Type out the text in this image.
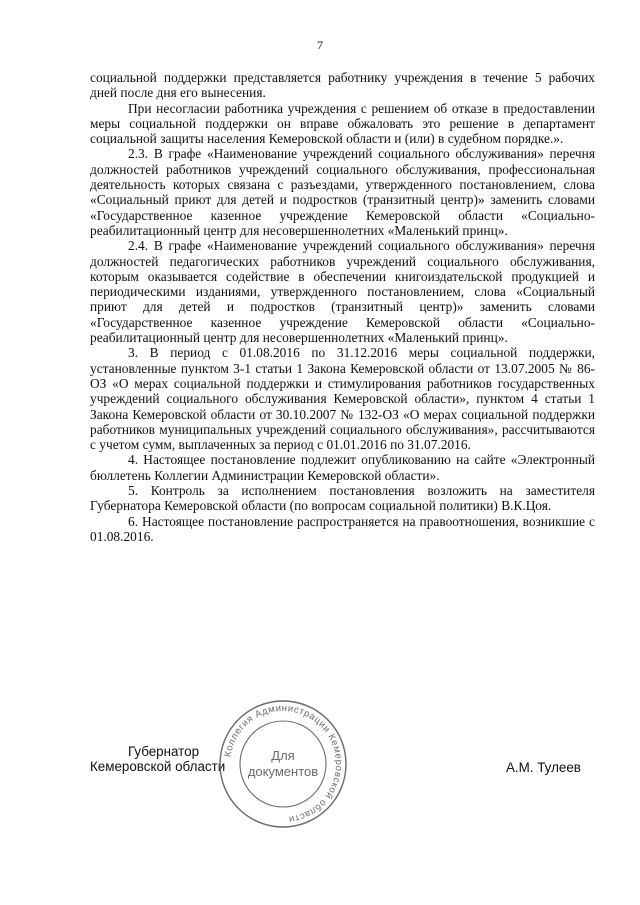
7

социальной поддержки представляется работнику учреждения в течение 5 рабочих дней после дня его вынесения.

При несогласии работника учреждения с решением об отказе в предоставлении меры социальной поддержки он вправе обжаловать это решение в департамент социальной защиты населения Кемеровской области и (или) в судебном порядке.».

2.3. В графе «Наименование учреждений социального обслуживания» перечня должностей работников учреждений социального обслуживания, профессиональная деятельность которых связана с разъездами, утвержденного постановлением, слова «Социальный приют для детей и подростков (транзитный центр)» заменить словами «Государственное казенное учреждение Кемеровской области «Социально-реабилитационный центр для несовершеннолетних «Маленький принц».

2.4. В графе «Наименование учреждений социального обслуживания» перечня должностей педагогических работников учреждений социального обслуживания, которым оказывается содействие в обеспечении книгоиздательской продукцией и периодическими изданиями, утвержденного постановлением, слова «Социальный приют для детей и подростков (транзитный центр)» заменить словами «Государственное казенное учреждение Кемеровской области «Социально-реабилитационный центр для несовершеннолетних «Маленький принц».

3. В период с 01.08.2016 по 31.12.2016 меры социальной поддержки, установленные пунктом 3-1 статьи 1 Закона Кемеровской области от 13.07.2005 № 86-ОЗ «О мерах социальной поддержки и стимулирования работников государственных учреждений социального обслуживания Кемеровской области», пунктом 4 статьи 1 Закона Кемеровской области от 30.10.2007 № 132-ОЗ «О мерах социальной поддержки работников муниципальных учреждений социального обслуживания», рассчитываются с учетом сумм, выплаченных за период с 01.01.2016 по 31.07.2016.

4. Настоящее постановление подлежит опубликованию на сайте «Электронный бюллетень Коллегии Администрации Кемеровской области».

5. Контроль за исполнением постановления возложить на заместителя Губернатора Кемеровской области (по вопросам социальной политики) В.К.Цоя.

6. Настоящее постановление распространяется на правоотношения, возникшие с 01.08.2016.

Губернатор
Кемеровской области	А.М. Тулеев
Коллегия Администрации Кемеровской области
Для
документов
